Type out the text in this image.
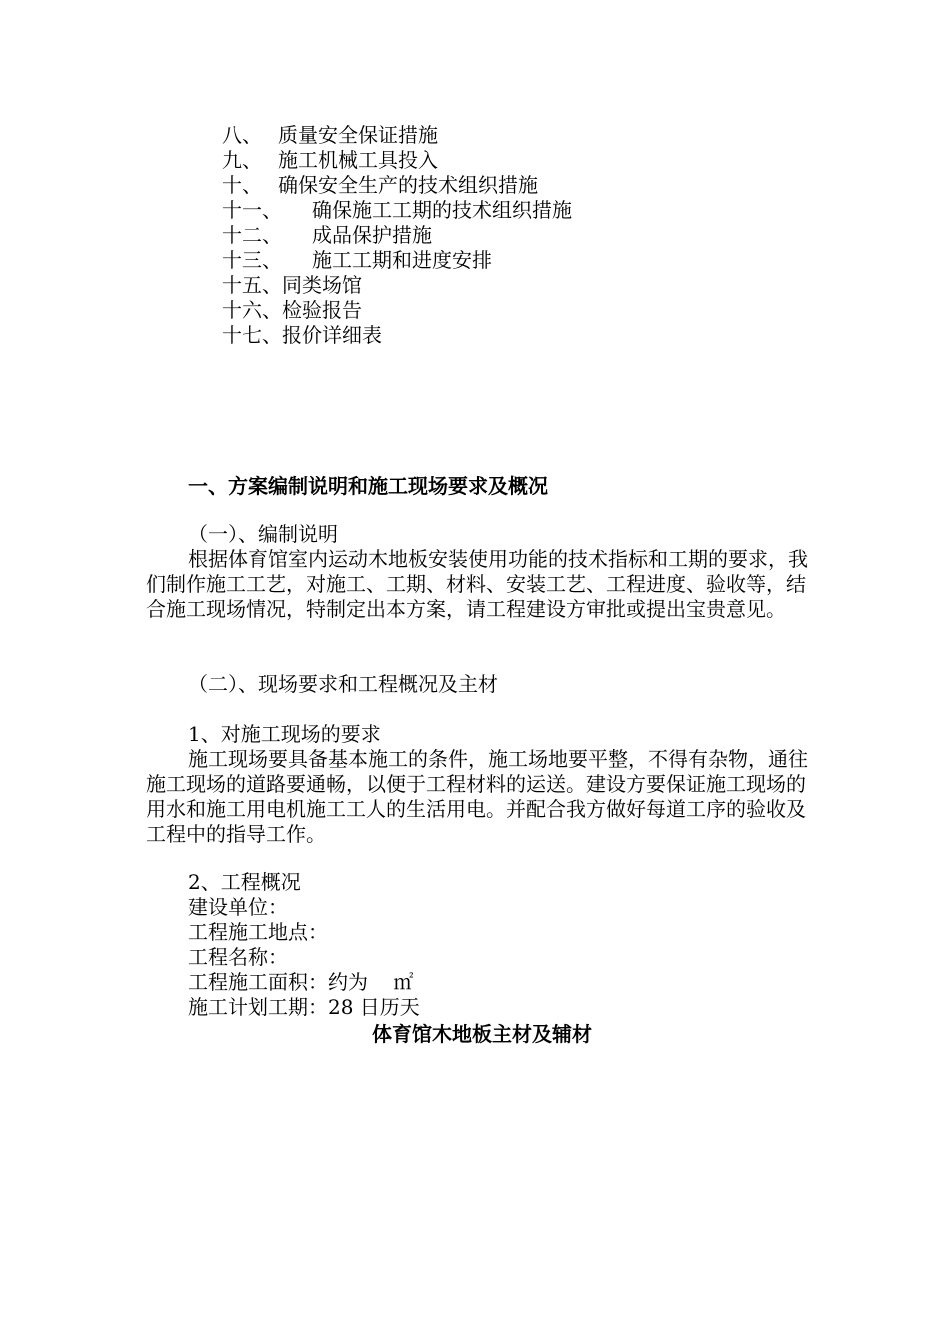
八、 质量安全保证措施
九、 施工机械工具投入
十、 确保安全生产的技术组织措施
十一、 确保施工工期的技术组织措施
十二、 成品保护措施
十三、 施工工期和进度安排
十五、同类场馆
十六、检验报告
十七、报价详细表
一、方案编制说明和施工现场要求及概况
（一）、编制说明

根据体育馆室内运动木地板安装使用功能的技术指标和工期的要求，我们制作施工工艺，对施工、工期、材料、安装工艺、工程进度、验收等，结合施工现场情况，特制定出本方案，请工程建设方审批或提出宝贵意见。

（二）、现场要求和工程概况及主材
1、对施工现场的要求

施工现场要具备基本施工的条件，施工场地要平整，不得有杂物，通往施工现场的道路要通畅，以便于工程材料的运送。建设方要保证施工现场的用水和施工用电机施工工人的生活用电。并配合我方做好每道工序的验收及工程中的指导工作。

2、工程概况
建设单位：
工程施工地点：
工程名称：
工程施工面积：约为    ㎡
施工计划工期：28 日历天
体育馆木地板主材及辅材
